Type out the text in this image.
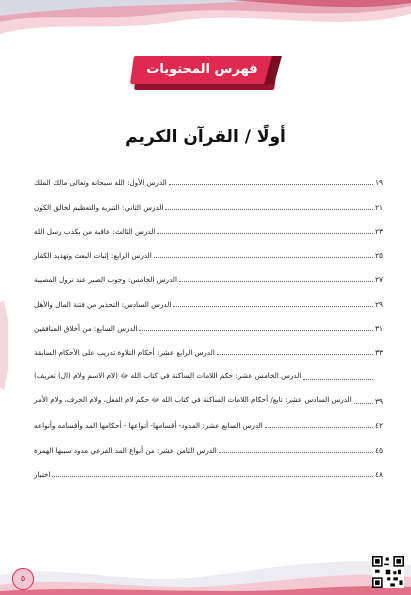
فهرس المحتويات
أولًا / القرآن الكريم
الدرس الأول: الله سبحانه وتعالى مالك الملك	١٩
الدرس الثاني: التنزيه والتعظيم لخالق الكون	٢١
الدرس الثالث: عاقبة من يكذب رسل الله	٢٣
الدرس الرابع: إثبات البعث وتهديد الكفار	٢٥
الدرس الخامس: وجوب الصبر عند نزول المصيبة	٢٧
الدرس السادس: التحذير من فتنة المال والأهل	٢٩
الدرس السابع: من أخلاق المنافقين	٣١
الدرس الرابع عشر: أحكام التلاوة تدريب على الأحكام السابقة	٣٣
الدرس الخامس عشر: حكم اللامات الساكنة في كتاب الله ﷻ (لام الاسم ولام (ال) تعريف)
الدرس السادس عشر: تابع/ أحكام اللامات الساكنة في كتاب الله ﷻ حكم لام الفعل، ولام الحرف، ولام الأمر	٣٩
الدرس السابع عشر: المدود- أقسامها- أنواعها - أحكامها المد وأقسامه وأنواعه	٤٢
الدرس الثامن عشر: من أنواع المد الفرعي مدود سببها الهمزة	٤٥
اختبار	٤٨
٥
